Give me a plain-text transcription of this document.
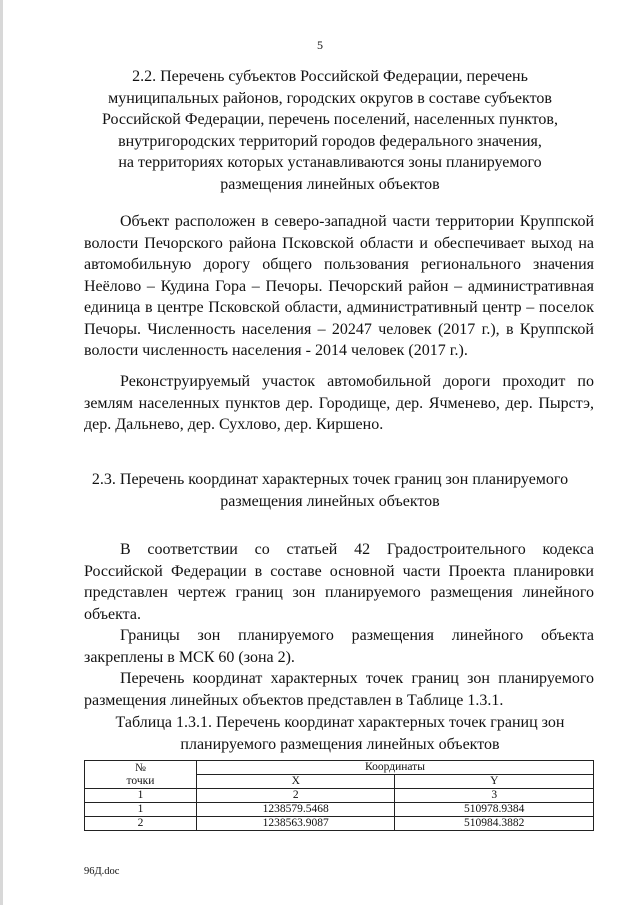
5
2.2. Перечень субъектов Российской Федерации, перечень
муниципальных районов, городских округов в составе субъектов
Российской Федерации, перечень поселений, населенных пунктов,
внутригородских территорий городов федерального значения,
на территориях которых устанавливаются зоны планируемого
размещения линейных объектов

Объект расположен в северо-западной части территории Круппской волости Печорского района Псковской области и обеспечивает выход на автомобильную дорогу общего пользования регионального значения Неёлово – Кудина Гора – Печоры. Печорский район – административная единица в центре Псковской области, административный центр – поселок Печоры. Численность населения – 20247 человек (2017 г.), в Круппской волости численность населения - 2014 человек (2017 г.).

Реконструируемый участок автомобильной дороги проходит по землям населенных пунктов дер. Городище, дер. Ячменево, дер. Пырстэ, дер. Дальнево, дер. Сухлово, дер. Киршено.

2.3. Перечень координат характерных точек границ зон планируемого
размещения линейных объектов

В соответствии со статьей 42 Градостроительного кодекса Российской Федерации в составе основной части Проекта планировки представлен чертеж границ зон планируемого размещения линейного объекта.

Границы зон планируемого размещения линейного объекта закреплены в МСК 60 (зона 2).

Перечень координат характерных точек границ зон планируемого размещения линейных объектов представлен в Таблице 1.3.1.

Таблица 1.3.1. Перечень координат характерных точек границ зон
планируемого размещения линейных объектов
№
точки	Координаты	
	X	Y
1	2	3
1	1238579.5468	510978.9384
2	1238563.9087	510984.3882
96Д.doc
